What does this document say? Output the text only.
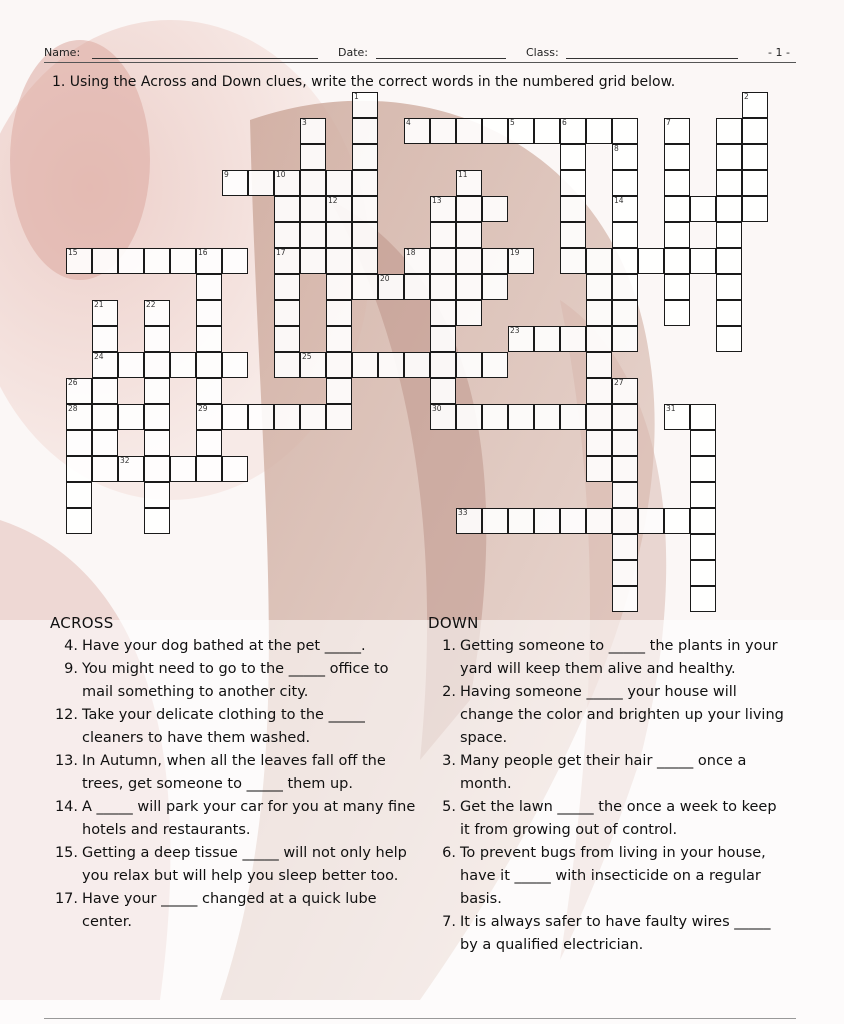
Name:	Date:	Class:	- 1 -
1. Using the Across and Down clues, write the correct words in the numbered grid below.
1	2
3	6
8
14
10
17
11
12	13
16
29
21
24
22
26
28
27
4	5
15
20
23
25
30
32
33
7
9
18	19
31
ACROSS
4. Have your dog bathed at the pet _____.
9. You might need to go to the _____ office to mail something to another city.
12. Take your delicate clothing to the _____ cleaners to have them washed.
13. In Autumn, when all the leaves fall off the trees, get someone to _____ them up.
14. A _____ will park your car for you at many fine hotels and restaurants.
15. Getting a deep tissue _____ will not only help you relax but will help you sleep better too.
17. Have your _____ changed at a quick lube center.
DOWN
1. Getting someone to _____ the plants in your yard will keep them alive and healthy.
2. Having someone _____ your house will change the color and brighten up your living space.
3. Many people get their hair _____ once a month.
5. Get the lawn _____ the once a week to keep it from growing out of control.
6. To prevent bugs from living in your house, have it _____ with insecticide on a regular basis.
7. It is always safer to have faulty wires _____ by a qualified electrician.
